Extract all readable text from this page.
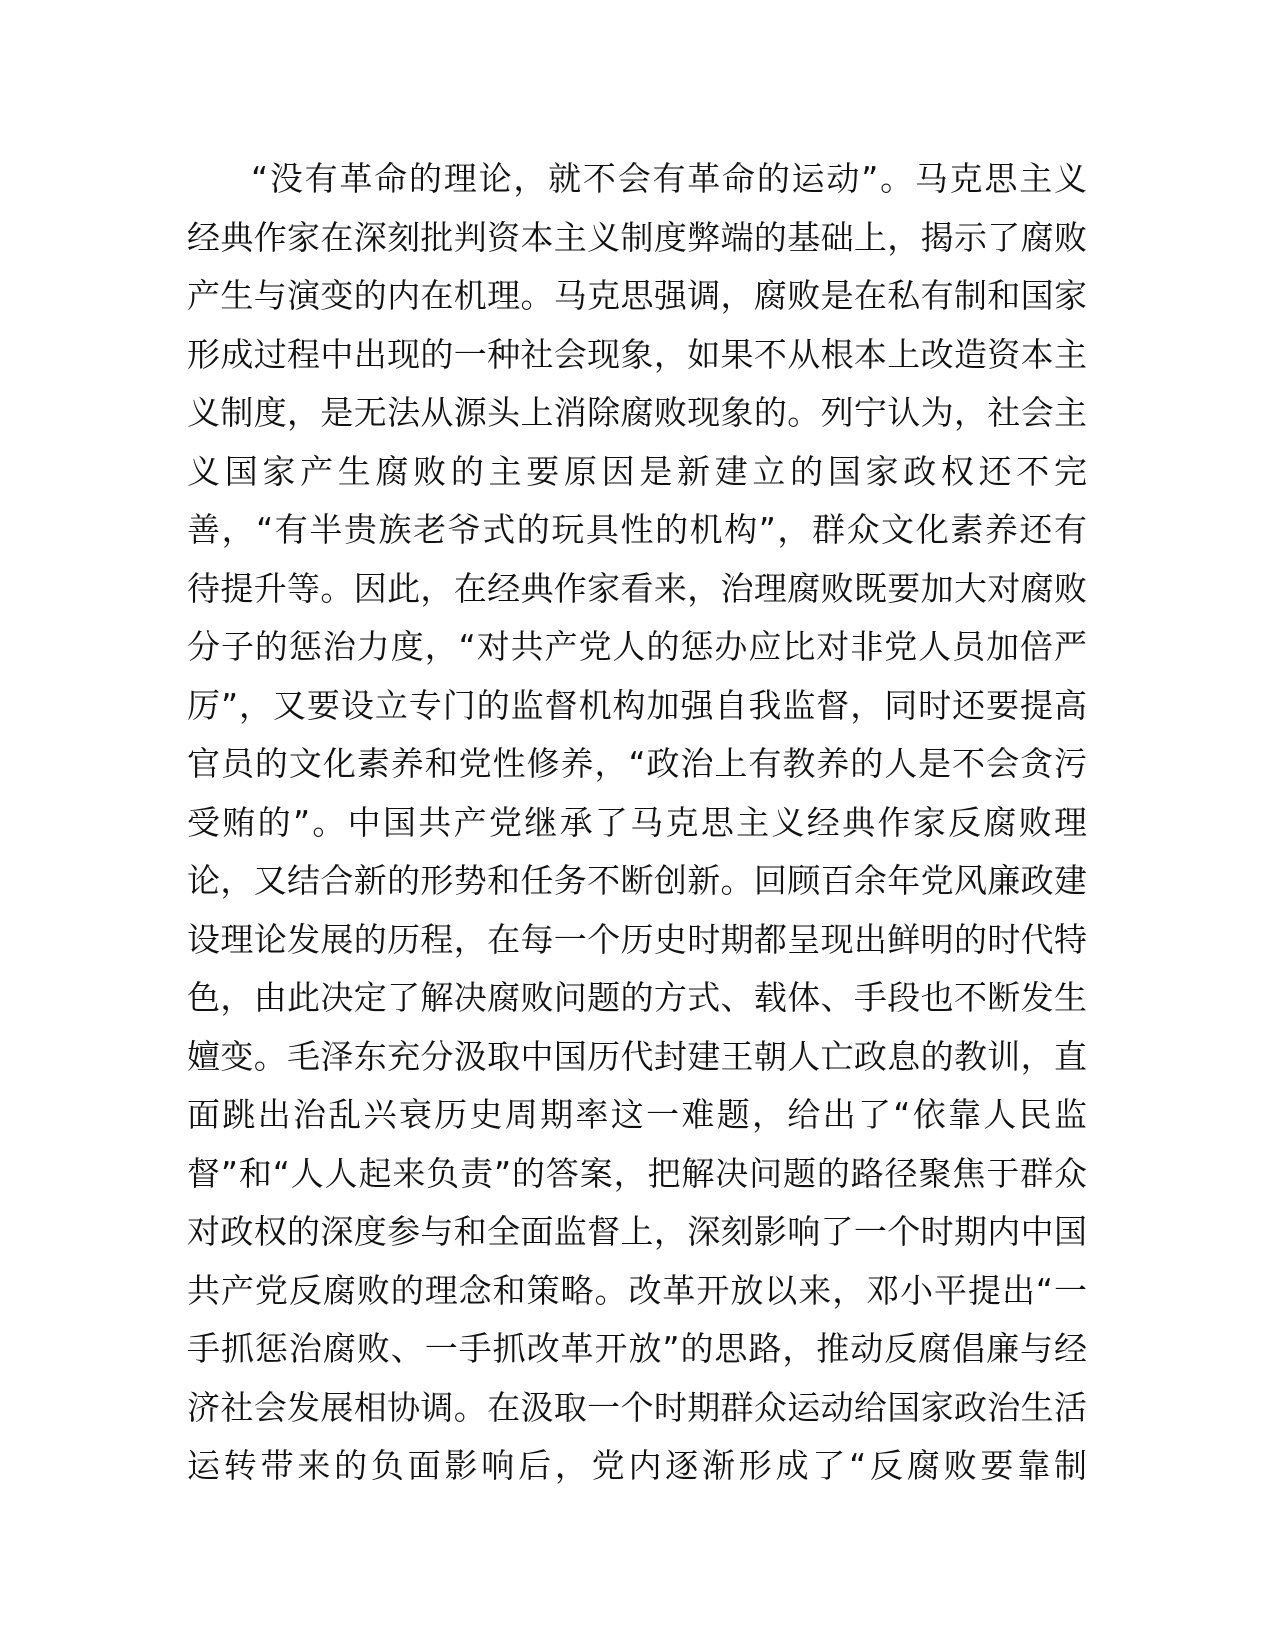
“没有革命的理论，就不会有革命的运动”。马克思主义
经典作家在深刻批判资本主义制度弊端的基础上，揭示了腐败
产生与演变的内在机理。马克思强调，腐败是在私有制和国家
形成过程中出现的一种社会现象，如果不从根本上改造资本主
义制度，是无法从源头上消除腐败现象的。列宁认为，社会主
义国家产生腐败的主要原因是新建立的国家政权还不完
善，“有半贵族老爷式的玩具性的机构”，群众文化素养还有
待提升等。因此，在经典作家看来，治理腐败既要加大对腐败
分子的惩治力度，“对共产党人的惩办应比对非党人员加倍严
厉”，又要设立专门的监督机构加强自我监督，同时还要提高
官员的文化素养和党性修养，“政治上有教养的人是不会贪污
受贿的”。中国共产党继承了马克思主义经典作家反腐败理
论，又结合新的形势和任务不断创新。回顾百余年党风廉政建
设理论发展的历程，在每一个历史时期都呈现出鲜明的时代特
色，由此决定了解决腐败问题的方式、载体、手段也不断发生
嬗变。毛泽东充分汲取中国历代封建王朝人亡政息的教训，直
面跳出治乱兴衰历史周期率这一难题，给出了“依靠人民监
督”和“人人起来负责”的答案，把解决问题的路径聚焦于群众
对政权的深度参与和全面监督上，深刻影响了一个时期内中国
共产党反腐败的理念和策略。改革开放以来，邓小平提出“一
手抓惩治腐败、一手抓改革开放”的思路，推动反腐倡廉与经
济社会发展相协调。在汲取一个时期群众运动给国家政治生活
运转带来的负面影响后，党内逐渐形成了“反腐败要靠制
